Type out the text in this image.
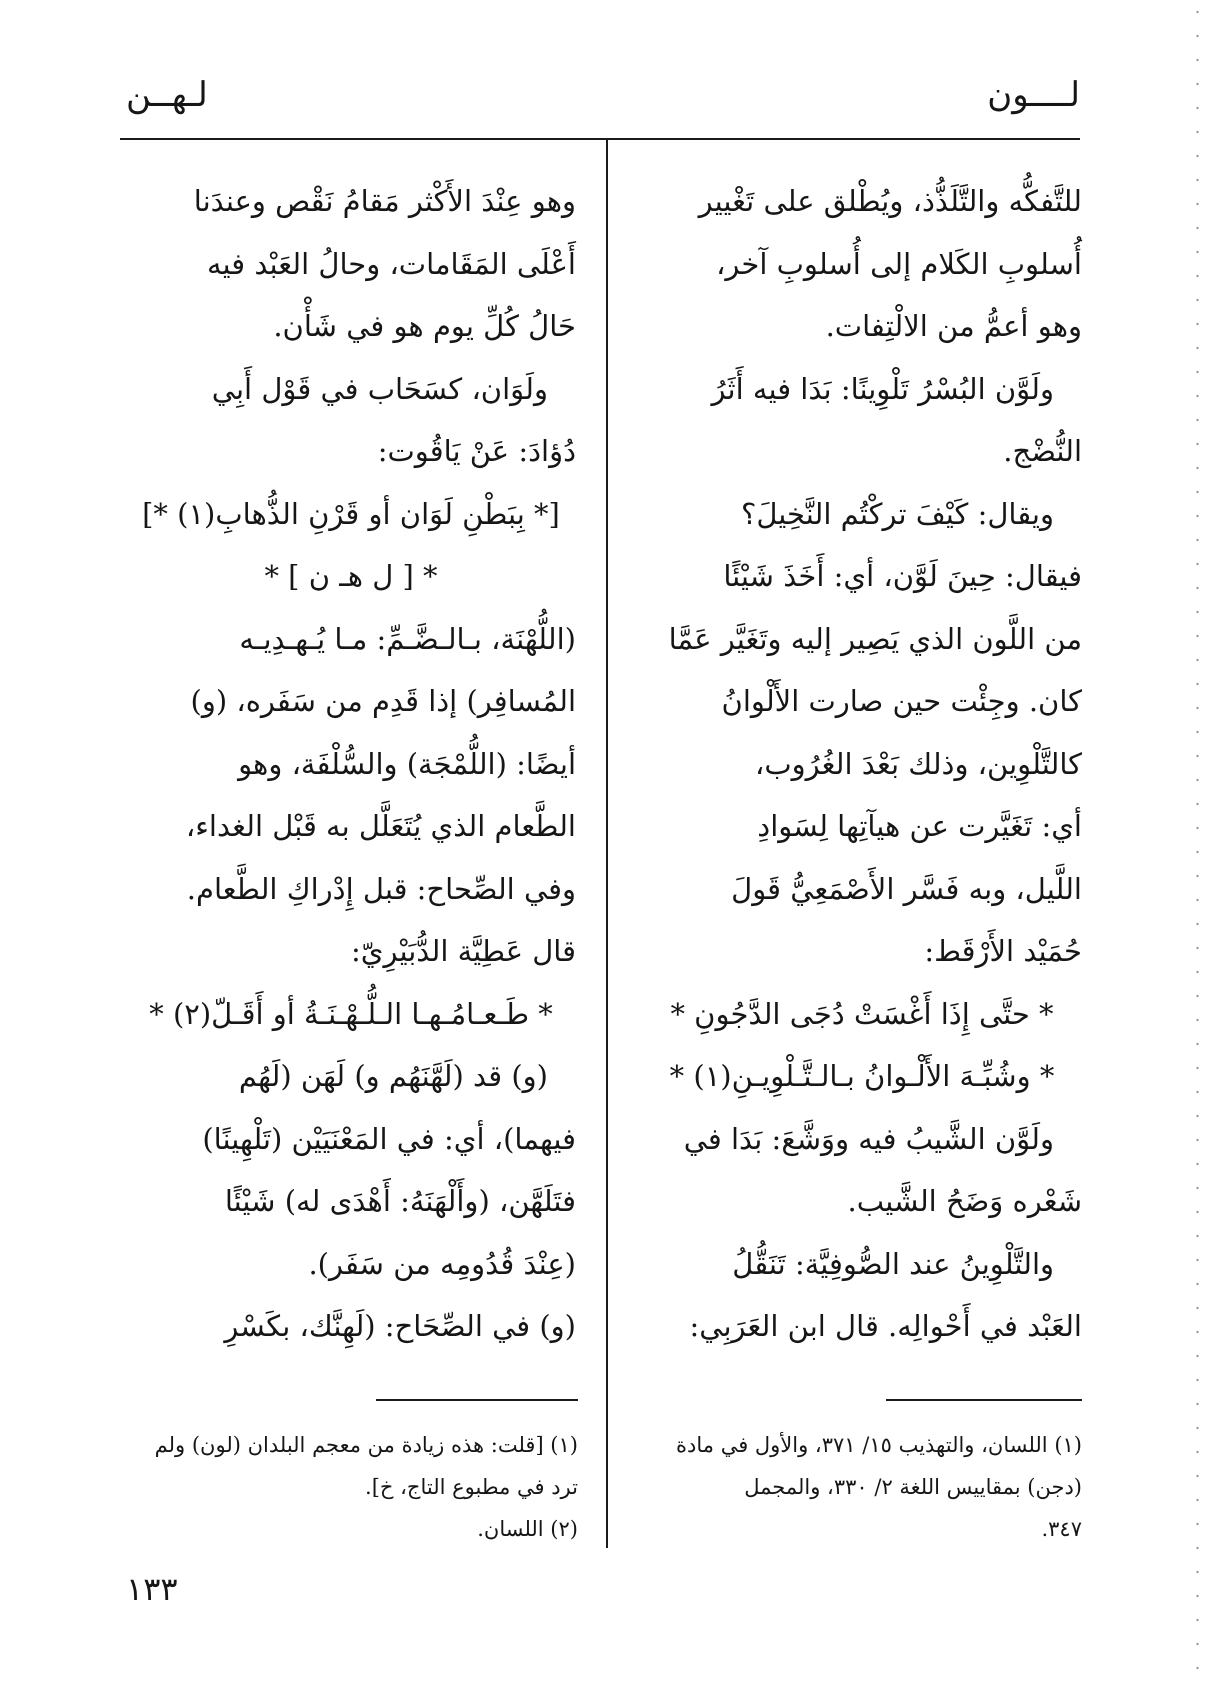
لــــون
لـهــن

للتَّفكُّه والتَّلَذُّذ، ويُطْلق على تَغْيير

أُسلوبِ الكَلام إلى أُسلوبِ آخر،

وهو أعمُّ من الالْتِفات.

ولَوَّن البُسْرُ تَلْوِينًا: بَدَا فيه أَثَرُ

النُّضْج.

ويقال: كَيْفَ تركْتُم النَّخِيلَ؟

فيقال: حِينَ لَوَّن، أي: أَخَذَ شَيْئًا

من اللَّون الذي يَصِير إليه وتَغَيَّر عَمَّا

كان. وجِئْت حين صارت الأَلْوانُ

كالتَّلْوِين، وذلك بَعْدَ الغُرُوب،

أي: تَغَيَّرت عن هيآتِها لِسَوادِ

اللَّيل، وبه فَسَّر الأَصْمَعِيُّ قَولَ

حُمَيْد الأَرْقَط:

* حتَّى إِذَا أَغْسَتْ دُجَى الدَّجُونِ *

* وشُبِّـهَ الأَلْـوانُ بـالـتَّـلْوِيـنِ(١) *

ولَوَّن الشَّيبُ فيه ووَشَّعَ: بَدَا في

شَعْره وَضَحُ الشَّيب.

والتَّلْوِينُ عند الصُّوفِيَّة: تَنَقُّلُ

العَبْد في أَحْوالِه. قال ابن العَرَبِي:

وهو عِنْدَ الأَكْثر مَقامُ نَقْص وعندَنا

أَعْلَى المَقَامات، وحالُ العَبْد فيه

حَالُ كُلِّ يوم هو في شَأْن.

ولَوَان، كسَحَاب في قَوْل أَبِي

دُؤادَ: عَنْ يَاقُوت:

[* بِبَطْنِ لَوَان أو قَرْنِ الذُّهابِ(١) *]

* [ ل هـ ن ] *

(اللُّهْنَة، بـالـضَّـمِّ: مـا يُـهـدِيـه

المُسافِر) إذا قَدِم من سَفَره، (و)

أيضًا: (اللُّمْجَة) والسُّلْفَة، وهو

الطَّعام الذي يُتَعَلَّل به قَبْل الغداء،

وفي الصِّحاح: قبل إِدْراكِ الطَّعام.

قال عَطِيَّة الدُّبَيْرِيّ:

* طَـعـامُـهـا الـلُّـهْـنَـةُ أو أَقَـلّ(٢) *

(و) قد (لَهَّنَهُم و) لَهَن (لَهُم

فيهما)، أي: في المَعْنَيَيْن (تَلْهِينًا)

فتَلَهَّن، (وأَلْهَنَهُ: أَهْدَى له) شَيْئًا

(عِنْدَ قُدُومِه من سَفَر).

(و) في الصِّحَاح: (لَهِنَّك، بكَسْرِ

(١) اللسان، والتهذيب ١٥/ ٣٧١، والأول في مادة

(دجن) بمقاييس اللغة ٢/ ٣٣٠، والمجمل

٣٤٧.

(١) [قلت: هذه زيادة من معجم البلدان (لون) ولم

ترد في مطبوع التاج، خ].

(٢) اللسان.

١٣٣
